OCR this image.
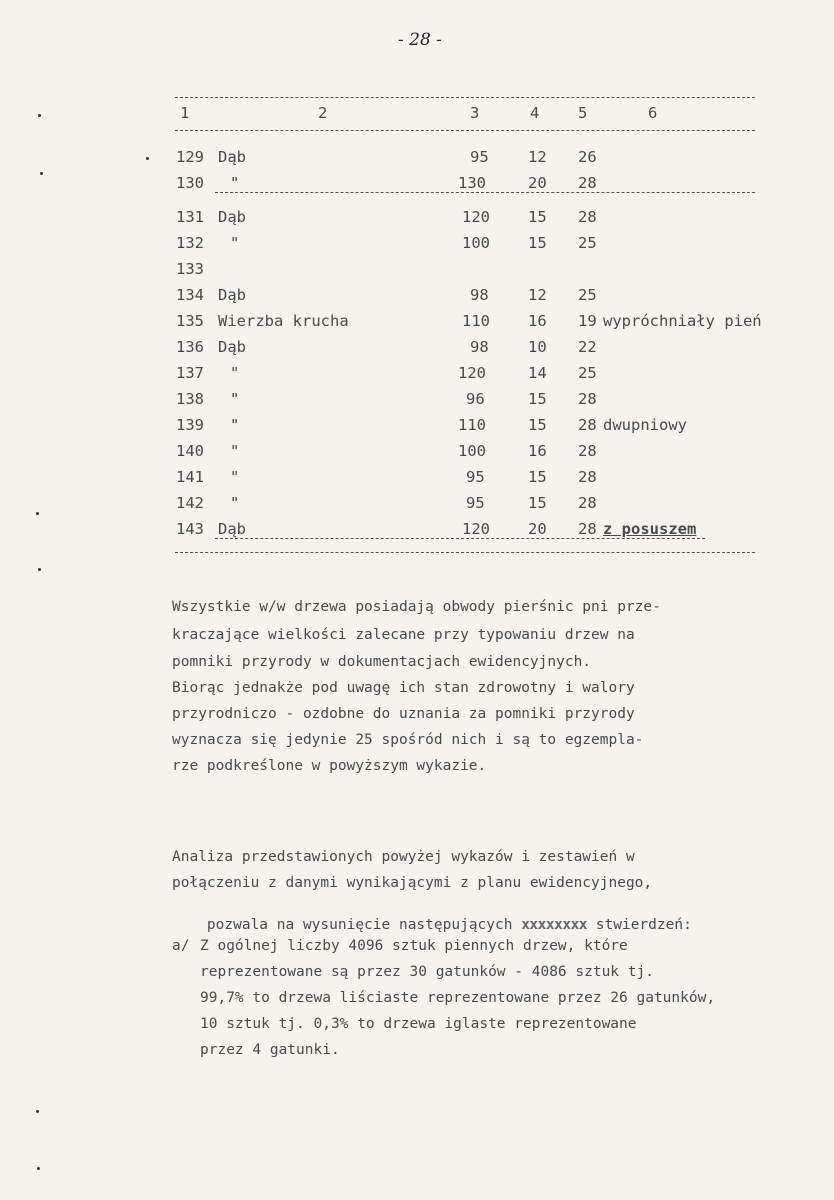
- 28 -
1	2	3	4 5	6
129 Dąb	95	12 26
130 "	130	20 28
131 Dąb	120 15 28
132 "	100 15 25
133
134 Dąb	98	12 25
135 Wierzba krucha	110 16 19 wypróchniały pień
136 Dąb	98	10 22
137 "	120	14 25
138 "	96	15 28
139 "	110	15 28 dwupniowy
140 "	100	16 28
141 "	95	15 28
142 "	95	15 28
143 Dąb	120 20 28 z posuszem
Wszystkie w/w drzewa posiadają obwody pierśnic pni prze-
kraczające wielkości zalecane przy typowaniu drzew na
pomniki przyrody w dokumentacjach ewidencyjnych.
Biorąc jednakże pod uwagę ich stan zdrowotny i walory
przyrodniczo - ozdobne do uznania za pomniki przyrody
wyznacza się jedynie 25 spośród nich i są to egzempla-
rze podkreślone w powyższym wykazie.
Analiza przedstawionych powyżej wykazów i zestawień w
połączeniu z danymi wynikającymi z planu ewidencyjnego,

pozwala na wysunięcie następujących xxxxxxxx stwierdzeń:

a/ Z ogólnej liczby 4096 sztuk piennych drzew, które
reprezentowane są przez 30 gatunków - 4086 sztuk tj.
99,7% to drzewa liściaste reprezentowane przez 26 gatunków,
10 sztuk tj. 0,3% to drzewa iglaste reprezentowane
przez 4 gatunki.
